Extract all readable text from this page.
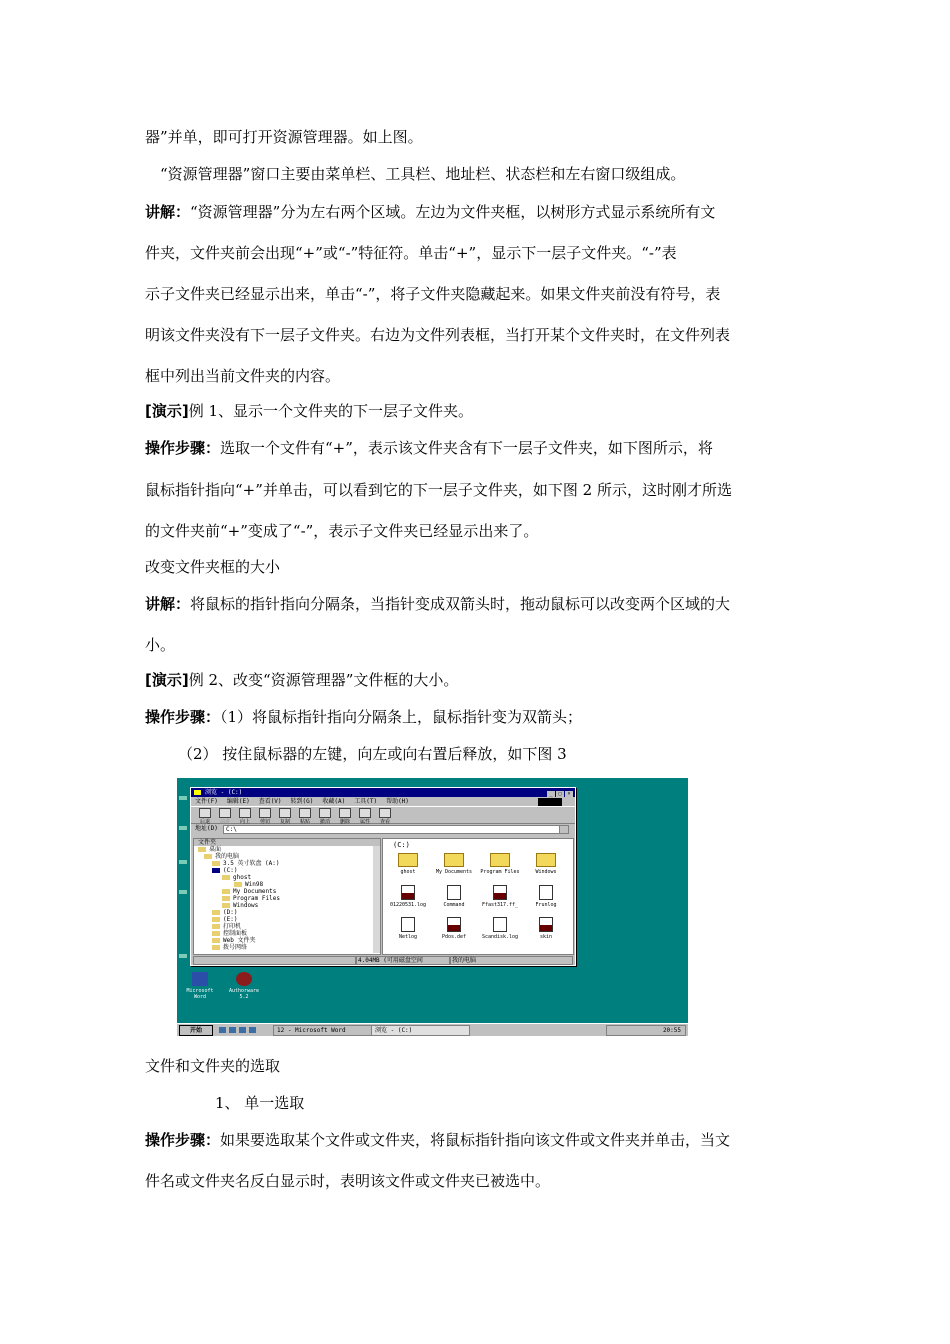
器”并单，即可打开资源管理器。如上图。
“资源管理器”窗口主要由菜单栏、工具栏、地址栏、状态栏和左右窗口级组成。
讲解：“资源管理器”分为左右两个区域。左边为文件夹框，以树形方式显示系统所有文
件夹，文件夹前会出现“+”或“-”特征符。单击“+”，显示下一层子文件夹。“-”表
示子文件夹已经显示出来，单击“-”，将子文件夹隐藏起来。如果文件夹前没有符号，表
明该文件夹没有下一层子文件夹。右边为文件列表框，当打开某个文件夹时，在文件列表
框中列出当前文件夹的内容。
[演示]例 1、显示一个文件夹的下一层子文件夹。
操作步骤：选取一个文件有“+”，表示该文件夹含有下一层子文件夹，如下图所示，将
鼠标指针指向“+”并单击，可以看到它的下一层子文件夹，如下图 2 所示，这时刚才所选
的文件夹前“+”变成了“-”，表示子文件夹已经显示出来了。
改变文件夹框的大小
讲解：将鼠标的指针指向分隔条，当指针变成双箭头时，拖动鼠标可以改变两个区域的大
小。
[演示]例 2、改变“资源管理器”文件框的大小。
操作步骤：（1）将鼠标指针指向分隔条上，鼠标指针变为双箭头；
（2） 按住鼠标器的左键，向左或向右置后释放，如下图 3
浏览 - (C:)	_ □ ×
文件(F) 编辑(E) 查看(V) 转到(G) 收藏(A) 工具(T) 帮助(H)
后退 前进 向上 剪切 复制 粘贴 撤消 删除 属性 查看
地址(D)	C:\
文件夹
桌面
我的电脑
3.5 英寸软盘 (A:)
(C:)
ghost
Win98
My Documents
Program Files
Windows
(D:)
(E:)
打印机
控制面板
Web 文件夹
拨号网络
(C:)
ghost	My Documents	Program Files	Windows
01220531.log	Command	Ffast317.ff_	Frunlog
Netlog	Pdos.def	Scandisk.log	skin
4.04MB (可用磁盘空间	我的电脑
Microsoft Word
Authorware 5.2
开始	12 - Microsoft Word	浏览 - (C:)	20:55
文件和文件夹的选取
1、 单一选取
操作步骤：如果要选取某个文件或文件夹，将鼠标指针指向该文件或文件夹并单击，当文
件名或文件夹名反白显示时，表明该文件或文件夹已被选中。
